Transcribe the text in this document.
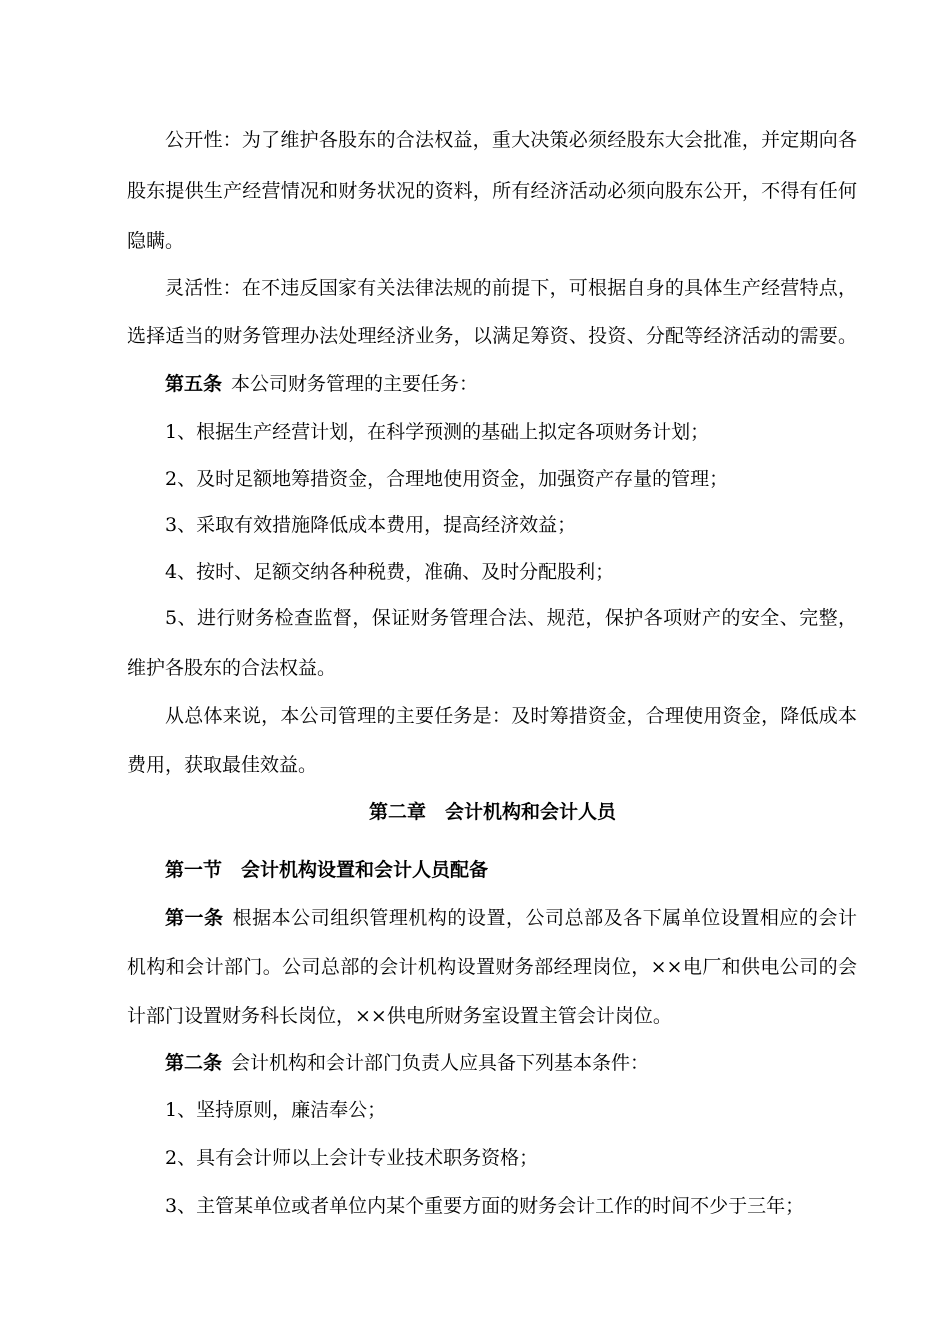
公开性：为了维护各股东的合法权益，重大决策必须经股东大会批准，并定期向各

股东提供生产经营情况和财务状况的资料，所有经济活动必须向股东公开，不得有任何

隐瞒。

灵活性：在不违反国家有关法律法规的前提下，可根据自身的具体生产经营特点，

选择适当的财务管理办法处理经济业务，以满足筹资、投资、分配等经济活动的需要。

第五条 本公司财务管理的主要任务：

1、根据生产经营计划，在科学预测的基础上拟定各项财务计划；

2、及时足额地筹措资金，合理地使用资金，加强资产存量的管理；

3、采取有效措施降低成本费用，提高经济效益；

4、按时、足额交纳各种税费，准确、及时分配股利；

5、进行财务检查监督，保证财务管理合法、规范，保护各项财产的安全、完整，

维护各股东的合法权益。

从总体来说，本公司管理的主要任务是：及时筹措资金，合理使用资金，降低成本

费用，获取最佳效益。

第二章　会计机构和会计人员

第一节　会计机构设置和会计人员配备

第一条 根据本公司组织管理机构的设置，公司总部及各下属单位设置相应的会计

机构和会计部门。公司总部的会计机构设置财务部经理岗位，××电厂和供电公司的会

计部门设置财务科长岗位，××供电所财务室设置主管会计岗位。

第二条 会计机构和会计部门负责人应具备下列基本条件：

1、坚持原则，廉洁奉公；

2、具有会计师以上会计专业技术职务资格；

3、主管某单位或者单位内某个重要方面的财务会计工作的时间不少于三年；
